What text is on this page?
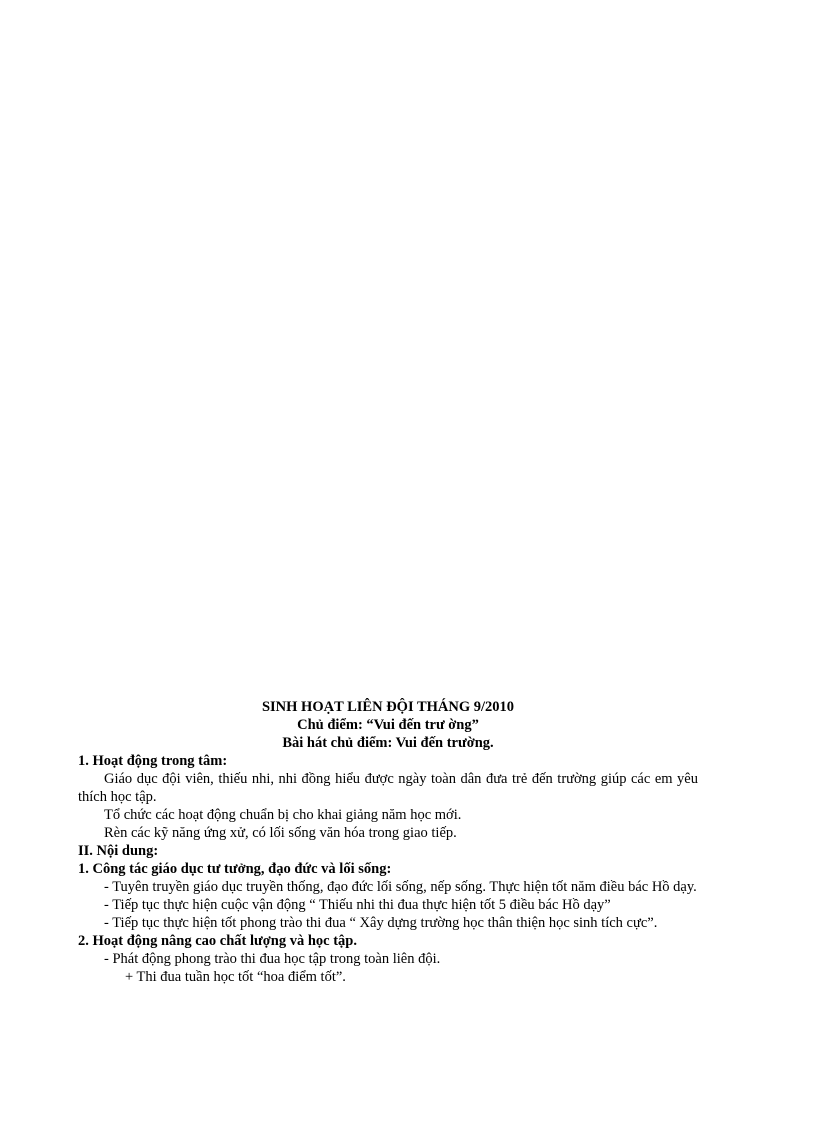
SINH HOẠT LIÊN ĐỘI THÁNG 9/2010

Chủ điểm: “Vui đến trư ờng”

Bài hát chủ điểm: Vui đến trường.

1. Hoạt động trong tâm:

Giáo dục đội viên, thiếu nhi, nhi đồng hiểu được ngày toàn dân đưa trẻ đến trường giúp các em yêu thích học tập.

Tổ chức các hoạt động chuẩn bị cho khai giảng năm học mới.

Rèn các kỹ năng ứng xử, có lối sống văn hóa trong giao tiếp.

II. Nội dung:

1. Công tác giáo dục tư tưởng, đạo đức và lối sống:

- Tuyên truyền giáo dục truyền thống, đạo đức lối sống, nếp sống. Thực hiện tốt năm điều bác Hồ dạy.

- Tiếp tục thực hiện cuộc vận động “ Thiếu nhi thi đua thực hiện tốt 5 điều bác Hồ dạy”

- Tiếp tục thực hiện tốt phong trào thi đua “ Xây dựng trường học thân thiện học sinh tích cực”.

2. Hoạt động nâng cao chất lượng và học tập.

- Phát động phong trào thi đua học tập trong toàn liên đội.

+ Thi đua tuần học tốt “hoa điểm tốt”.
